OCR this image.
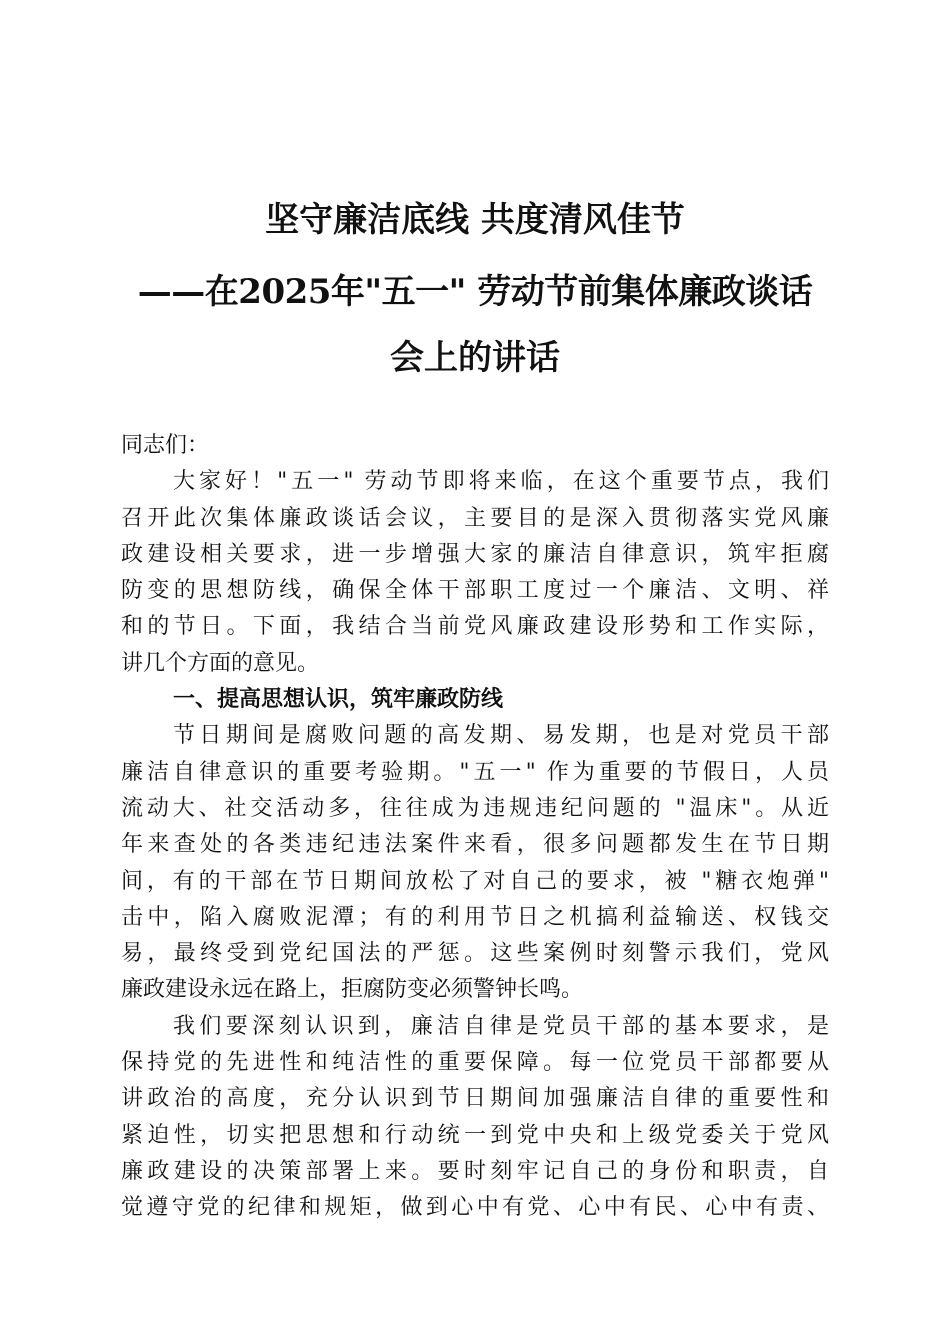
坚守廉洁底线 共度清风佳节
——在2025年"五一" 劳动节前集体廉政谈话
会上的讲话
同志们：
大家好！"五一" 劳动节即将来临，在这个重要节点，我们
召开此次集体廉政谈话会议，主要目的是深入贯彻落实党风廉
政建设相关要求，进一步增强大家的廉洁自律意识，筑牢拒腐
防变的思想防线，确保全体干部职工度过一个廉洁、文明、祥
和的节日。下面，我结合当前党风廉政建设形势和工作实际，
讲几个方面的意见。
一、提高思想认识，筑牢廉政防线
节日期间是腐败问题的高发期、易发期，也是对党员干部
廉洁自律意识的重要考验期。"五一" 作为重要的节假日，人员
流动大、社交活动多，往往成为违规违纪问题的 "温床"。从近
年来查处的各类违纪违法案件来看，很多问题都发生在节日期
间，有的干部在节日期间放松了对自己的要求，被 "糖衣炮弹"
击中，陷入腐败泥潭；有的利用节日之机搞利益输送、权钱交
易，最终受到党纪国法的严惩。这些案例时刻警示我们，党风
廉政建设永远在路上，拒腐防变必须警钟长鸣。
我们要深刻认识到，廉洁自律是党员干部的基本要求，是
保持党的先进性和纯洁性的重要保障。每一位党员干部都要从
讲政治的高度，充分认识到节日期间加强廉洁自律的重要性和
紧迫性，切实把思想和行动统一到党中央和上级党委关于党风
廉政建设的决策部署上来。要时刻牢记自己的身份和职责，自
觉遵守党的纪律和规矩，做到心中有党、心中有民、心中有责、
